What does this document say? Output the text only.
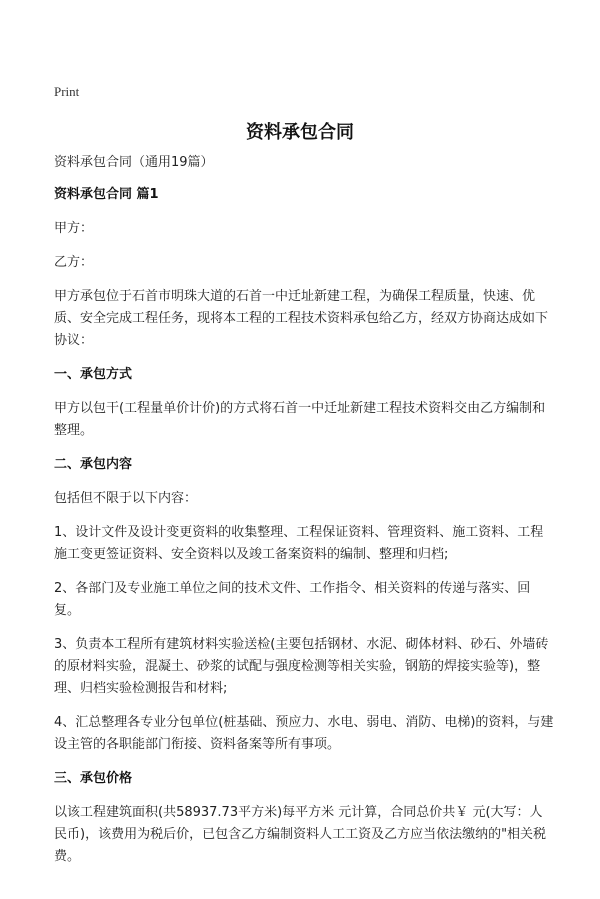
Print
资料承包合同

资料承包合同（通用19篇）

资料承包合同 篇1

甲方：

乙方：

甲方承包位于石首市明珠大道的石首一中迁址新建工程，为确保工程质量，快速、优质、安全完成工程任务，现将本工程的工程技术资料承包给乙方，经双方协商达成如下协议：

一、承包方式

甲方以包干(工程量单价计价)的方式将石首一中迁址新建工程技术资料交由乙方编制和整理。

二、承包内容

包括但不限于以下内容：

1、设计文件及设计变更资料的收集整理、工程保证资料、管理资料、施工资料、工程施工变更签证资料、安全资料以及竣工备案资料的编制、整理和归档;

2、各部门及专业施工单位之间的技术文件、工作指令、相关资料的传递与落实、回复。

3、负责本工程所有建筑材料实验送检(主要包括钢材、水泥、砌体材料、砂石、外墙砖的原材料实验，混凝土、砂浆的试配与强度检测等相关实验，钢筋的焊接实验等)，整理、归档实验检测报告和材料;

4、汇总整理各专业分包单位(桩基础、预应力、水电、弱电、消防、电梯)的资料，与建设主管的各职能部门衔接、资料备案等所有事项。

三、承包价格

以该工程建筑面积(共58937.73平方米)每平方米 元计算，合同总价共￥ 元(大写：人民币)，该费用为税后价，已包含乙方编制资料人工工资及乙方应当依法缴纳的"相关税费。
